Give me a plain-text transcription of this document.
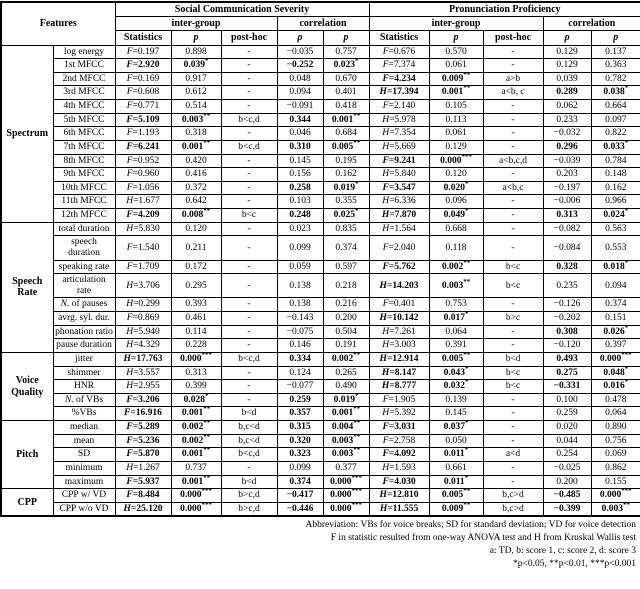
Features		Social Communication Severity					Pronunciation Proficiency				
		inter-group			correlation		inter-group			correlation	
		Statistics	p	post-hoc	ρ	p	Statistics	p	post-hoc	ρ	p
Spectrum	log energy	F=0.197	0.898	-	−0.035	0.757	F=0.676	0.570	-	0.129	0.137
	1st MFCC	F=2.920	0.039*	-	−0.252	0.023*	F=7.374	0.061	-	0.129	0.363
	2nd MFCC	F=0.169	0.917	-	0.048	0.670	F=4.234	0.009**	a>b	0.039	0.782
	3rd MFCC	F=0.608	0.612	-	0.094	0.401	H=17.394	0.001**	a<b, c	0.289	0.038*
	4th MFCC	F=0.771	0.514	-	−0.091	0.418	F=2.140	0.105	-	0.062	0.664
	5th MFCC	F=5.109	0.003**	b<c,d	0.344	0.001**	H=5.978	0.113	-	0.233	0.097
	6th MFCC	F=1.193	0.318	-	0.046	0.684	H=7.354	0.061	-	−0.032	0.822
	7th MFCC	F=6.241	0.001**	b<c,d	0.310	0.005**	H=5.669	0.129	-	0.296	0.033*
	8th MFCC	F=0.952	0.420	-	0.145	0.195	F=9.241	0.000***	a<b,c,d	−0.039	0.784
	9th MFCC	F=0.960	0.416	-	0.156	0.162	H=5.840	0.120	-	0.203	0.148
	10th MFCC	F=1.056	0.372	-	0.258	0.019*	F=3.547	0.020*	a<b,c	−0.197	0.162
	11th MFCC	H=1.677	0.642	-	0.103	0.355	H=6.336	0.096	-	−0.006	0.966
	12th MFCC	F=4.209	0.008**	b<c	0.248	0.025*	H=7.870	0.049*	-	0.313	0.024*
Speech Rate	total duration	H=5.830	0.120	-	0.023	0.835	H=1.564	0.668	-	−0.082	0.563
	speech duration	F=1.540	0.211	-	0.099	0.374	F=2.040	0.118	-	−0.084	0.553
	speaking rate	F=1.709	0.172	-	0.059	0.597	F=5.762	0.002**	b<c	0.328	0.018*
	articulation rate	H=3.706	0.295	-	0.138	0.218	H=14.203	0.003**	b<c	0.235	0.094
	N. of pauses	H=0.299	0.393	-	0.138	0.216	F=0.401	0.753	-	−0.126	0.374
	avrg. syl. dur.	F=0.869	0.461	-	−0.143	0.200	H=10.142	0.017*	b>c	−0.202	0.151
	phonation ratio	H=5.940	0.114	-	−0.075	0.504	H=7.261	0.064	-	0.308	0.026*
	pause duration	H=4.329	0.228	-	0.146	0.191	H=3.003	0.391	-	−0.120	0.397
Voice Quality	jitter	H=17.763	0.000***	b<c,d	0.334	0.002**	H=12.914	0.005**	b<d	0.493	0.000***
	shimmer	H=3.557	0.313	-	0.124	0.265	H=8.147	0.043*	b<c	0.275	0.048*
	HNR	H=2.955	0.399	-	−0.077	0.490	H=8.777	0.032*	b<c	−0.331	0.016*
	N. of VBs	F=3.206	0.028*	-	0.259	0.019*	F=1.905	0.139	-	0.100	0.478
	%VBs	F=16.916	0.001**	b<d	0.357	0.001**	H=5.392	0.145	-	0.259	0.064
Pitch	median	F=5.289	0.002**	b,c<d	0.315	0.004**	F=3.031	0.037*	-	0.020	0.890
	mean	F=5.236	0.002**	b,c<d	0.320	0.003**	F=2.758	0.050	-	0.044	0.756
	SD	F=5.870	0.001**	b<c,d	0.323	0.003**	F=4.092	0.011*	a<d	0.254	0.069
	minimum	H=1.267	0.737	-	0.099	0.377	H=1.593	0.661	-	−0.025	0.862
	maximum	F=5.937	0.001**	b<d	0.374	0.000***	F=4.030	0.011*	-	0.200	0.155
CPP	CPP w/ VD	F=8.484	0.000***	b>c,d	−0.417	0.000***	H=12.810	0.005**	b,c>d	−0.485	0.000***
	CPP w/o VD	H=25.120	0.000***	b>c,d	−0.446	0.000***	H=11.555	0.009**	b,c>d	−0.399	0.003**
Abbreviation: VBs for voice breaks; SD for standard deviation; VD for voice detection
F in statistic resulted from one-way ANOVA test and H from Kruskal Wallis test
a: TD, b: score 1, c: score 2, d: score 3
*p<0.05, **p<0.01, ***p<0.001
